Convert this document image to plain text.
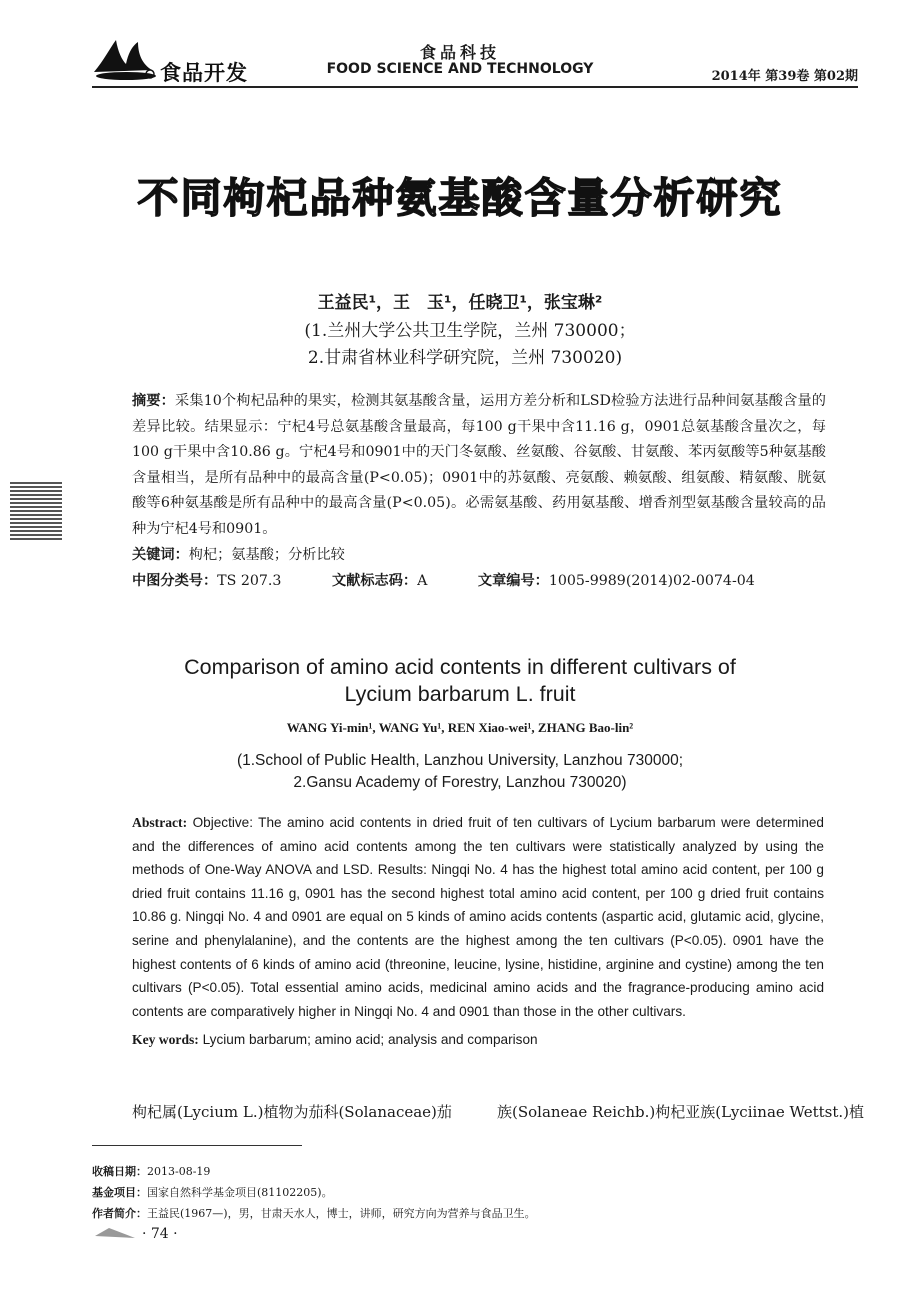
食品开发
食品科技
FOOD SCIENCE AND TECHNOLOGY	2014年 第39卷 第02期
不同枸杞品种氨基酸含量分析研究
王益民¹，王　玉¹，任晓卫¹，张宝琳²
(1.兰州大学公共卫生学院，兰州 730000；
2.甘肃省林业科学研究院，兰州 730020)
摘要：采集10个枸杞品种的果实，检测其氨基酸含量，运用方差分析和LSD检验方法进行品种间氨基酸含量的差异比较。结果显示：宁杞4号总氨基酸含量最高，每100 g干果中含11.16 g，0901总氨基酸含量次之，每100 g干果中含10.86 g。宁杞4号和0901中的天门冬氨酸、丝氨酸、谷氨酸、甘氨酸、苯丙氨酸等5种氨基酸含量相当，是所有品种中的最高含量(P<0.05)；0901中的苏氨酸、亮氨酸、赖氨酸、组氨酸、精氨酸、胱氨酸等6种氨基酸是所有品种中的最高含量(P<0.05)。必需氨基酸、药用氨基酸、增香剂型氨基酸含量较高的品种为宁杞4号和0901。
关键词：枸杞；氨基酸；分析比较
中图分类号：TS 207.3	文献标志码：A	文章编号：1005-9989(2014)02-0074-04
Comparison of amino acid contents in different cultivars of
Lycium barbarum L. fruit
WANG Yi-min¹, WANG Yu¹, REN Xiao-wei¹, ZHANG Bao-lin²
(1.School of Public Health, Lanzhou University, Lanzhou 730000;
2.Gansu Academy of Forestry, Lanzhou 730020)
Abstract: Objective: The amino acid contents in dried fruit of ten cultivars of Lycium barbarum were determined and the differences of amino acid contents among the ten cultivars were statistically analyzed by using the methods of One-Way ANOVA and LSD. Results: Ningqi No. 4 has the highest total amino acid content, per 100 g dried fruit contains 11.16 g, 0901 has the second highest total amino acid content, per 100 g dried fruit contains 10.86 g. Ningqi No. 4 and 0901 are equal on 5 kinds of amino acids contents (aspartic acid, glutamic acid, glycine, serine and phenylalanine), and the contents are the highest among the ten cultivars (P<0.05). 0901 have the highest contents of 6 kinds of amino acid (threonine, leucine, lysine, histidine, arginine and cystine) among the ten cultivars (P<0.05). Total essential amino acids, medicinal amino acids and the fragrance-producing amino acid contents are comparatively higher in Ningqi No. 4 and 0901 than those in the other cultivars.
Key words: Lycium barbarum; amino acid; analysis and comparison
枸杞属(Lycium L.)植物为茄科(Solanaceae)茄	族(Solaneae Reichb.)枸杞亚族(Lyciinae Wettst.)植
收稿日期：2013-08-19
基金项目：国家自然科学基金项目(81102205)。
作者简介：王益民(1967—)，男，甘肃天水人，博士，讲师，研究方向为营养与食品卫生。
· 74 ·
